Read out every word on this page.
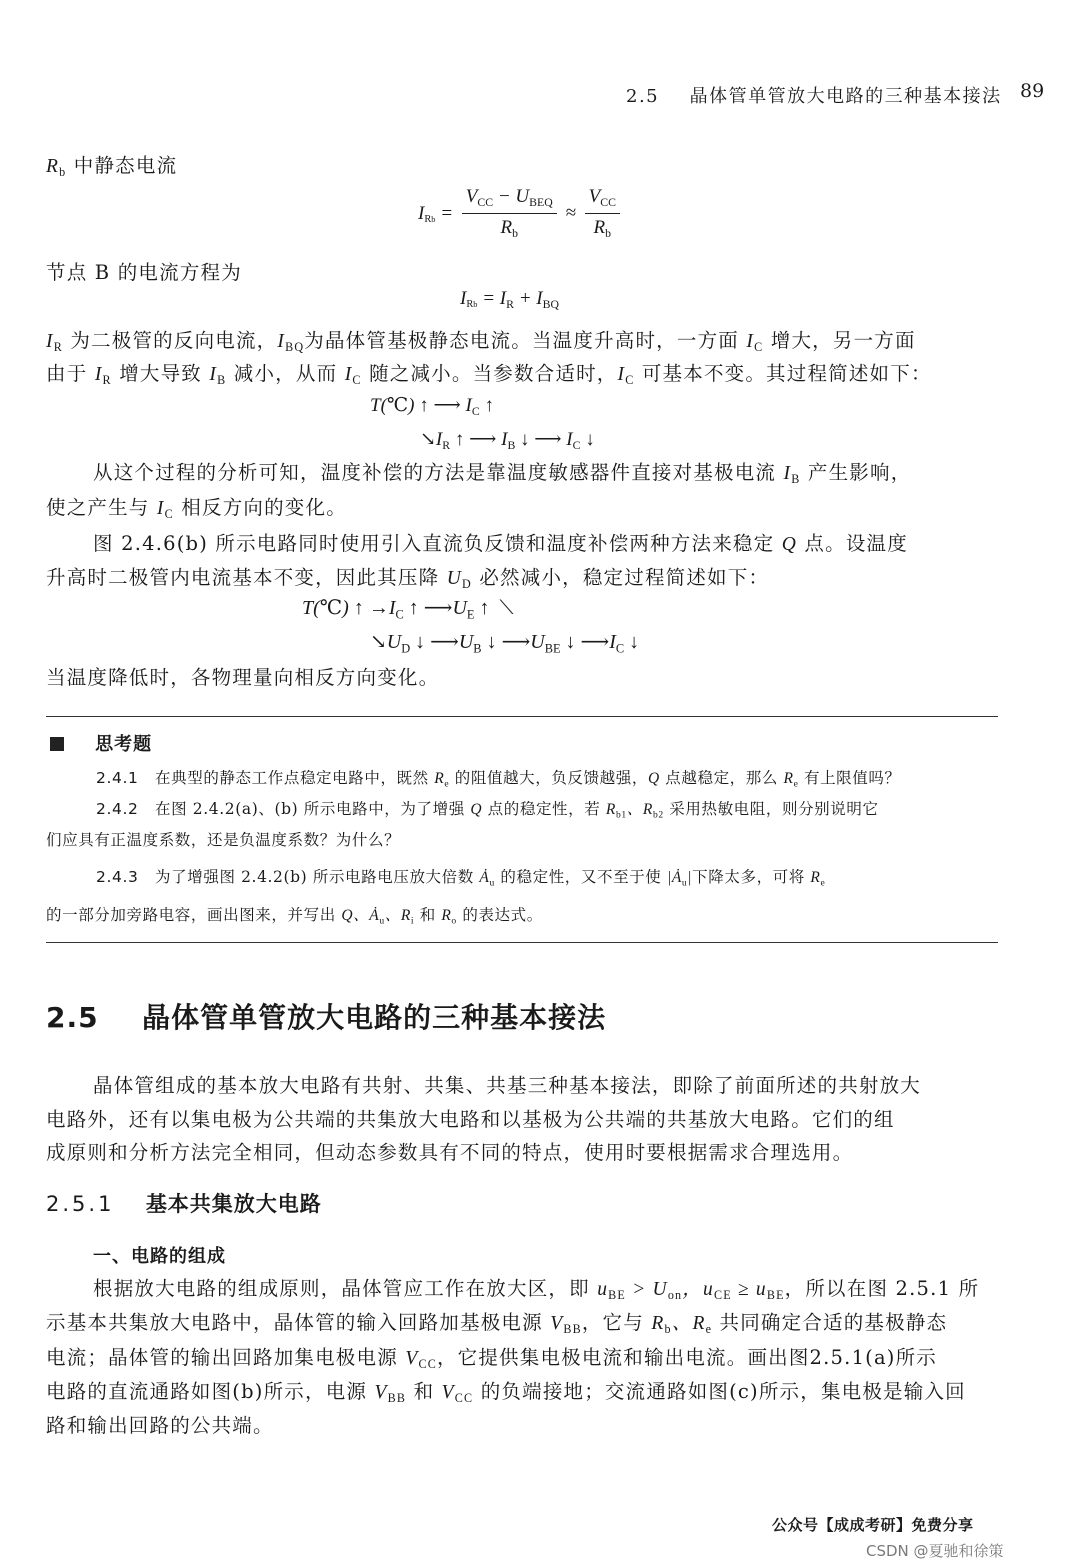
2.5 晶体管单管放大电路的三种基本接法 89
$R_b$ 中静态电流
IRb = $\frac{V_{CC} - U_{BEQ}}{R_b} \approx \frac{V_{CC}}{R_b}$
节点 B 的电流方程为
IRb = $I_R + I_{BQ}$
$I_R$ 为二极管的反向电流，$I_{BQ}$为晶体管基极静态电流。当温度升高时，一方面 $I_C$ 增大，另一方面
由于 $I_R$ 增大导致 $I_B$ 减小，从而 $I_C$ 随之减小。当参数合适时，$I_C$ 可基本不变。其过程简述如下：
T(℃) ↑ ⟶ $I_C$ ↑
$↘I_R$ ↑ ⟶ $I_B$ ↓ ⟶ $I_C$ ↓
从这个过程的分析可知，温度补偿的方法是靠温度敏感器件直接对基极电流 $I_B$ 产生影响，
使之产生与 $I_C$ 相反方向的变化。
图 2.4.6(b) 所示电路同时使用引入直流负反馈和温度补偿两种方法来稳定 Q 点。设温度
升高时二极管内电流基本不变，因此其压降 $U_D$ 必然减小，稳定过程简述如下：
T(℃) ↑ $\to I_C$ ↑ $⟶U_E$ ↑  ⟍
$↘U_D$ ↓ $⟶U_B$ ↓ $⟶U_{BE}$ ↓ $⟶I_C$ ↓
当温度降低时，各物理量向相反方向变化。
思考题
2.4.1 在典型的静态工作点稳定电路中，既然 $R_e$ 的阻值越大，负反馈越强，Q 点越稳定，那么 $R_e$ 有上限值吗？
2.4.2 在图 2.4.2(a)、(b) 所示电路中，为了增强 Q 点的稳定性，若 $R_{b1}$、$R_{b2}$ 采用热敏电阻，则分别说明它
们应具有正温度系数，还是负温度系数？为什么？
2.4.3 为了增强图 2.4.2(b) 所示电路电压放大倍数 $Ȧ_u$ 的稳定性，又不至于使 $|Ȧ_u|$下降太多，可将 $R_e$
的一部分加旁路电容，画出图来，并写出 Q、$Ȧ_u$、$R_i$ 和 $R_o$ 的表达式。
2.5 晶体管单管放大电路的三种基本接法
晶体管组成的基本放大电路有共射、共集、共基三种基本接法，即除了前面所述的共射放大
电路外，还有以集电极为公共端的共集放大电路和以基极为公共端的共基放大电路。它们的组
成原则和分析方法完全相同，但动态参数具有不同的特点，使用时要根据需求合理选用。
2.5.1 基本共集放大电路
一、电路的组成
根据放大电路的组成原则，晶体管应工作在放大区，即 $u_{BE} > U_{on}$，$u_{CE} \ge u_{BE}$，所以在图 2.5.1 所
示基本共集放大电路中，晶体管的输入回路加基极电源 $V_{BB}$，它与 $R_b$、$R_e$ 共同确定合适的基极静态
电流；晶体管的输出回路加集电极电源 $V_{CC}$，它提供集电极电流和输出电流。画出图2.5.1(a)所示
电路的直流通路如图(b)所示，电源 $V_{BB}$ 和 $V_{CC}$ 的负端接地；交流通路如图(c)所示，集电极是输入回
路和输出回路的公共端。
公众号【成成考研】免费分享
CSDN @夏驰和徐策
